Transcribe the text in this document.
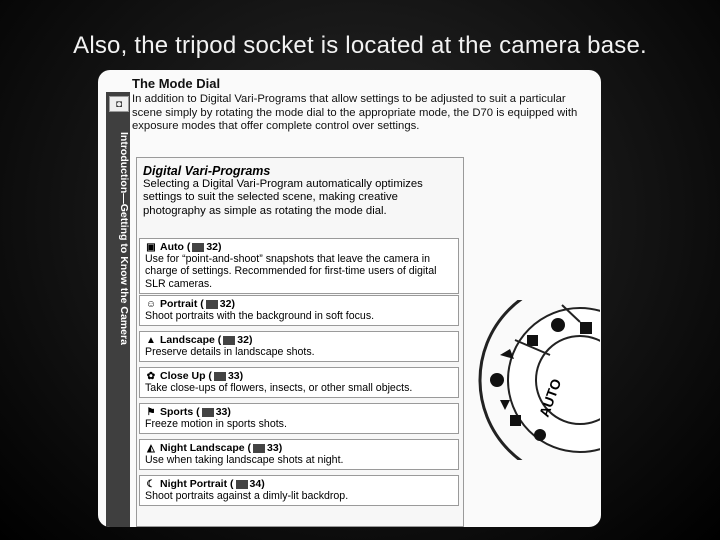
Also, the tripod socket is located at the camera base.
◘
Introduction—Getting to Know the Camera
The Mode Dial

In addition to Digital Vari-Programs that allow settings to be adjusted to suit a particular scene simply by rotating the mode dial to the appropriate mode, the D70 is equipped with exposure modes that offer complete control over settings.

Digital Vari-Programs
Selecting a Digital Vari-Program automatically optimizes settings to suit the selected scene, making creative photography as simple as rotating the mode dial.
▣ Auto ( 32)
Use for “point-and-shoot” snapshots that leave the camera in charge of settings. Recommended for first-time users of digital SLR cameras.
☺ Portrait ( 32)
Shoot portraits with the background in soft focus.
▲ Landscape ( 32)
Preserve details in landscape shots.
✿ Close Up ( 33)
Take close-ups of flowers, insects, or other small objects.
⚑ Sports ( 33)
Freeze motion in sports shots.
◭ Night Landscape ( 33)
Use when taking landscape shots at night.
☾ Night Portrait ( 34)
Shoot portraits against a dimly-lit backdrop.
AUTO
